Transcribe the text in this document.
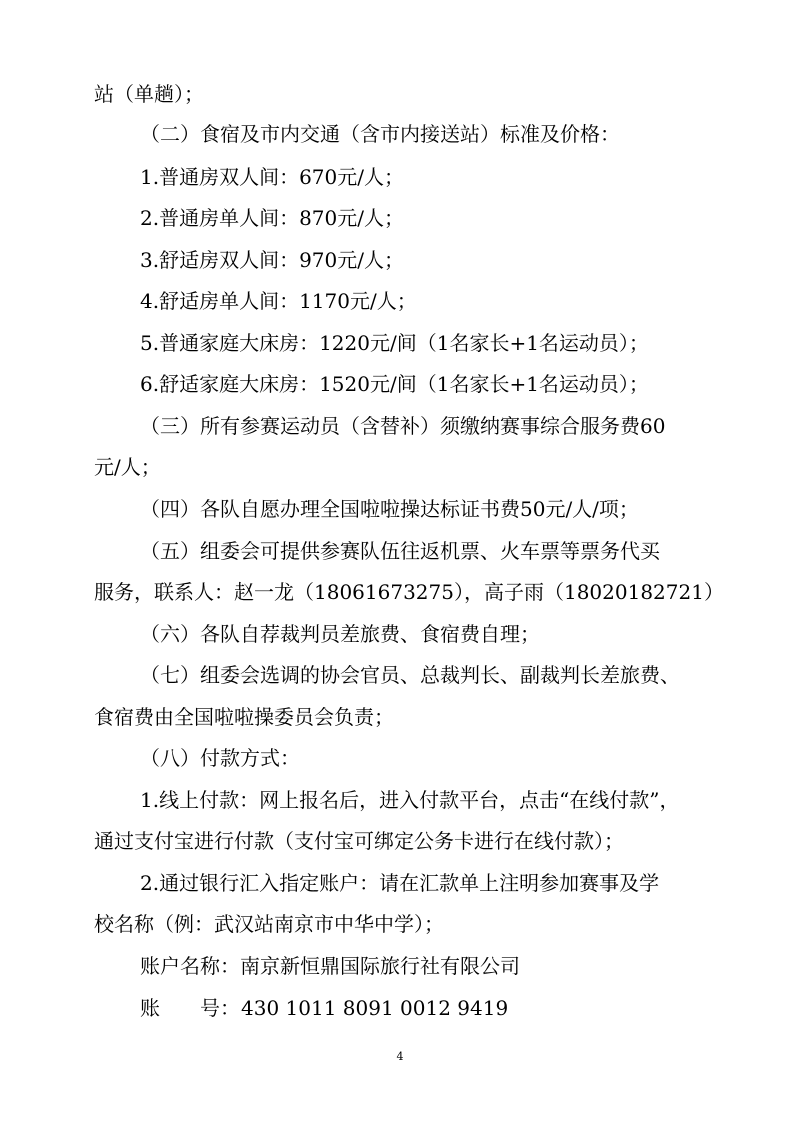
站（单趟）；
（二）食宿及市内交通（含市内接送站）标准及价格：
1.普通房双人间：670元/人；
2.普通房单人间：870元/人；
3.舒适房双人间：970元/人；
4.舒适房单人间：1170元/人；
5.普通家庭大床房：1220元/间（1名家长+1名运动员）；
6.舒适家庭大床房：1520元/间（1名家长+1名运动员）；
（三）所有参赛运动员（含替补）须缴纳赛事综合服务费60
元/人；
（四）各队自愿办理全国啦啦操达标证书费50元/人/项；
（五）组委会可提供参赛队伍往返机票、火车票等票务代买
服务，联系人：赵一龙（18061673275），高子雨（18020182721）
（六）各队自荐裁判员差旅费、食宿费自理；
（七）组委会选调的协会官员、总裁判长、副裁判长差旅费、
食宿费由全国啦啦操委员会负责；
（八）付款方式：
1.线上付款：网上报名后，进入付款平台，点击“在线付款”，
通过支付宝进行付款（支付宝可绑定公务卡进行在线付款）；
2.通过银行汇入指定账户：请在汇款单上注明参加赛事及学
校名称（例：武汉站南京市中华中学）；
账户名称：南京新恒鼎国际旅行社有限公司
账　　号： 430 1011 8091 0012 9419
4
